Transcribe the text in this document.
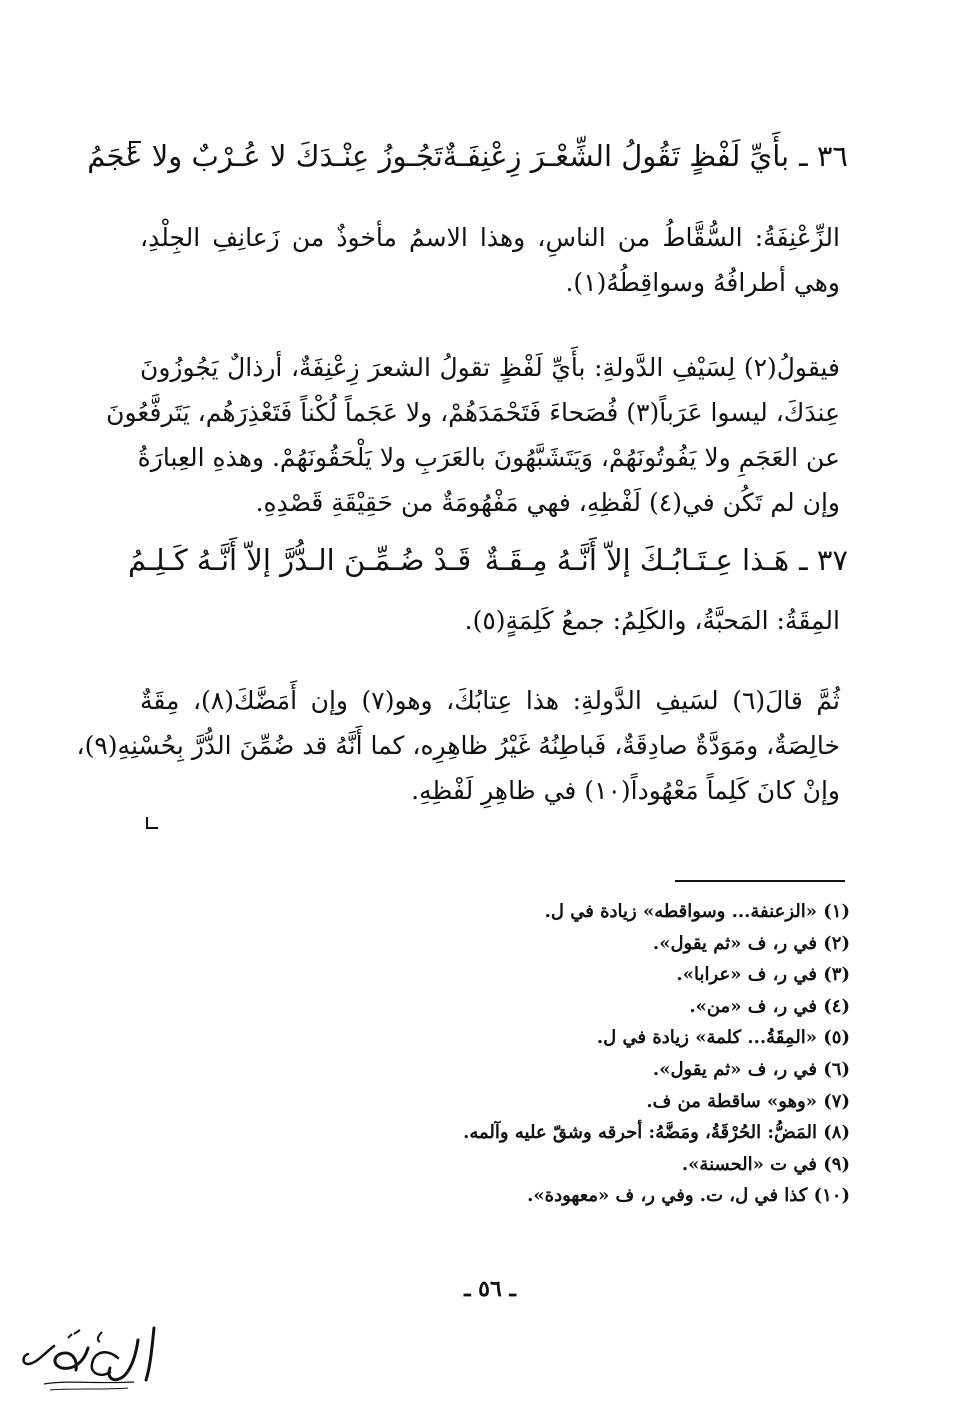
٣٦ ـ
بأَيِّ لَفْظٍ تَقُولُ الشِّعْـرَ زِعْنِفَـةٌ
تَجُـوزُ عِنْـدَكَ لا عُـرْبٌ ولا عَجَمُ
الزِّعْنِفَةُ: السُّقَّاطُ من الناسِ، وهذا الاسمُ مأخوذٌ من زَعانِفِ الجِلْدِ،
وهي أطرافُهُ وسواقِطُهُ(١).
فيقولُ(٢) لِسَيْفِ الدَّولةِ: بأَيِّ لَفْظٍ تقولُ الشعرَ زِعْنِفَةٌ، أرذالٌ يَجُوزُونَ
عِندَكَ، ليسوا عَرَباً(٣) فُصَحاءَ فَتَحْمَدَهُمْ، ولا عَجَماً لُكْناً فَتَعْذِرَهُم، يَتَرفَّعُونَ
عن العَجَمِ ولا يَفُوتُونَهُمْ، وَيَتَشَبَّهُونَ بالعَرَبِ ولا يَلْحَقُونَهُمْ. وهذهِ العِبارَةُ
وإن لم تَكُن في(٤) لَفْظِهِ، فهي مَفْهُومَةٌ من حَقِيْقَةِ قَصْدِهِ.
٣٧ ـ
هَـذا عِـتَـابُـكَ إلاّ أَنَّـهُ مِـقَـةٌ
قَـدْ ضُـمِّـنَ الـدُّرَّ إلاّ أَنَّـهُ كَـلِـمُ
المِقَةُ: المَحبَّةُ، والكَلِمُ: جمعُ كَلِمَةٍ(٥).
ثُمَّ قالَ(٦) لسَيفِ الدَّولةِ: هذا عِتابُكَ، وهو(٧) وإن أَمَضَّكَ(٨)، مِقَةٌ
خالِصَةٌ، ومَوَدَّةٌ صادِقَةٌ، فَباطِنُهُ غَيْرُ ظاهِرِه، كما أَنَّهُ قد ضُمِّنَ الدُّرَّ بِحُسْنِهِ(٩)،
وإنْ كانَ كَلِماً مَعْهُوداً(١٠) في ظاهِرِ لَفْظِهِ.
(١) «الزعنفة... وسواقطه» زيادة في ل.
(٢) في ر، ف «ثم يقول».
(٣) في ر، ف «عرابا».
(٤) في ر، ف «من».
(٥) «المِقَةُ... كلمة» زيادة في ل.
(٦) في ر، ف «ثم يقول».
(٧) «وهو» ساقطة من ف.
(٨) المَضُّ: الحُرْقَةُ، ومَضَّهُ: أحرقه وشقّ عليه وآلمه.
(٩) في ت «الحسنة».
(١٠) كذا في ل، ت. وفي ر، ف «معهودة».
ـ ٥٦ ـ
